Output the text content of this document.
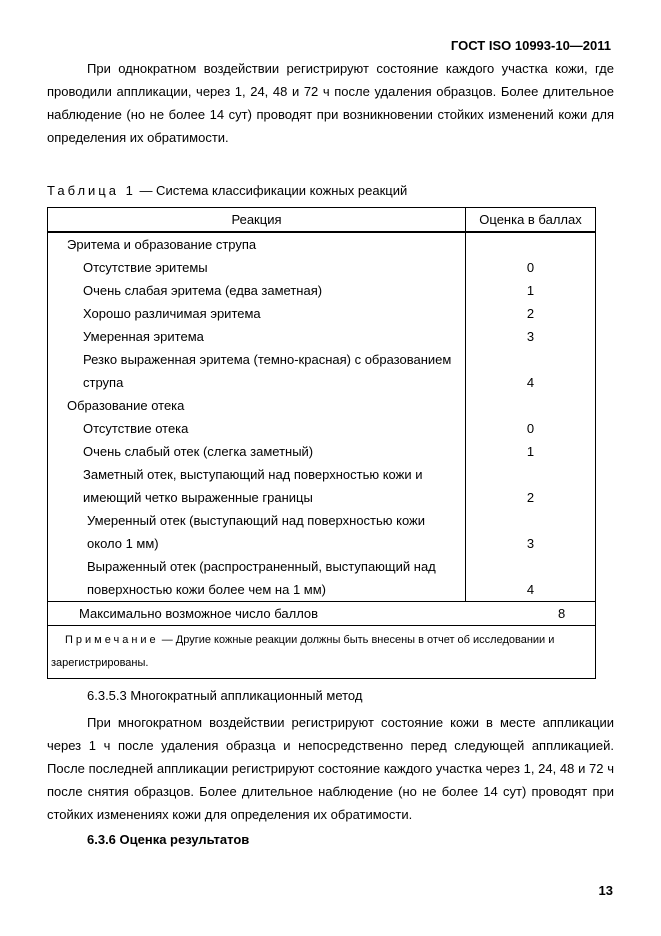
ГОСТ ISO 10993-10—2011

При однократном воздействии регистрируют состояние каждого участка кожи, где проводили аппликации, через 1, 24, 48 и 72 ч после удаления образцов. Более длительное наблюдение (но не более 14 сут) проводят при возникновении стойких изменений кожи для определения их обратимости.

Таблица 1 — Система классификации кожных реакций
Реакция	Оценка в баллах
Эритема и образование струпа	
Отсутствие эритемы	0
Очень слабая эритема (едва заметная)	1
Хорошо различимая эритема	2
Умеренная эритема	3
Резко выраженная эритема (темно-красная) с образованием	
струпа	4
Образование отека	
Отсутствие отека	0
Очень слабый отек (слегка заметный)	1
Заметный отек, выступающий над поверхностью кожи и	
имеющий четко выраженные границы	2
Умеренный отек (выступающий над поверхностью кожи	
около 1 мм)	3
Выраженный отек (распространенный, выступающий над	
поверхностью кожи более чем на 1 мм)	4
Максимально возможное число баллов 8	

Примечание — Другие кожные реакции должны быть внесены в отчет об исследовании и зарегистрированы.	
6.3.5.3 Многократный аппликационный метод

При многократном воздействии регистрируют состояние кожи в месте аппликации через 1 ч после удаления образца и непосредственно перед следующей аппликацией. После последней аппликации регистрируют состояние каждого участка через 1, 24, 48 и 72 ч после снятия образцов. Более длительное наблюдение (но не более 14 сут) проводят при стойких изменениях кожи для определения их обратимости.

6.3.6 Оценка результатов
13
